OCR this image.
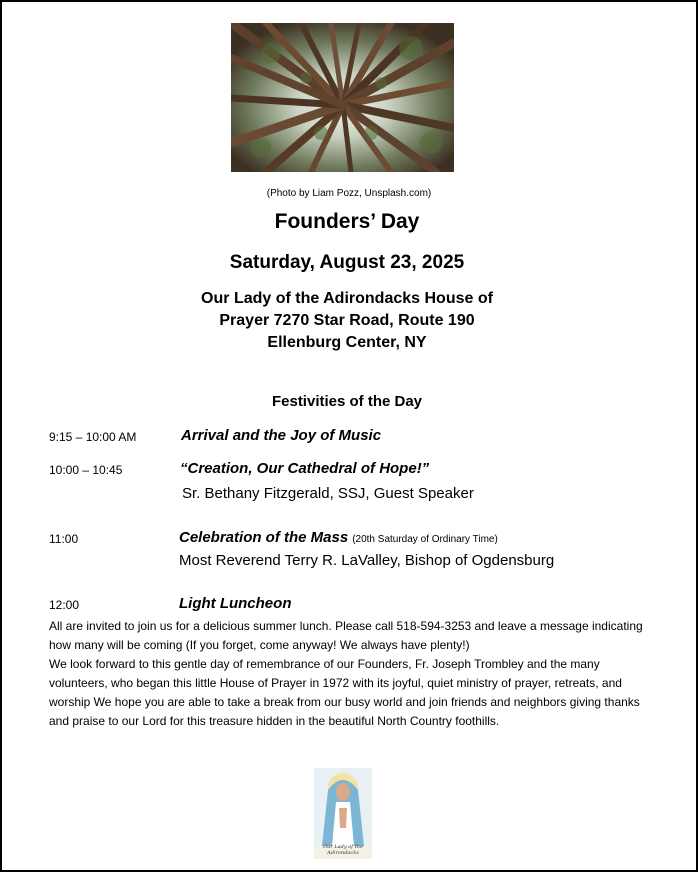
(Photo by Liam Pozz, Unsplash.com)
Founders’ Day
Saturday, August 23, 2025
Our Lady of the Adirondacks House of
Prayer 7270 Star Road, Route 190
Ellenburg Center, NY
Festivities of the Day
9:15 – 10:00 AM	Arrival and the Joy of Music
10:00 – 10:45	“Creation, Our Cathedral of Hope!”
Sr. Bethany Fitzgerald, SSJ, Guest Speaker
11:00	Celebration of the Mass (20th Saturday of Ordinary Time)
Most Reverend Terry R. LaValley, Bishop of Ogdensburg
12:00	Light Luncheon

All are invited to join us for a delicious summer lunch. Please call 518-594-3253 and leave a message indicating how many will be coming (If you forget, come anyway! We always have plenty!)

We look forward to this gentle day of remembrance of our Founders, Fr. Joseph Trombley and the many volunteers, who began this little House of Prayer in 1972 with its joyful, quiet ministry of prayer, retreats, and worship We hope you are able to take a break from our busy world and join friends and neighbors giving thanks and praise to our Lord for this treasure hidden in the beautiful North Country foothills.

Our Lady of the Adirondacks
